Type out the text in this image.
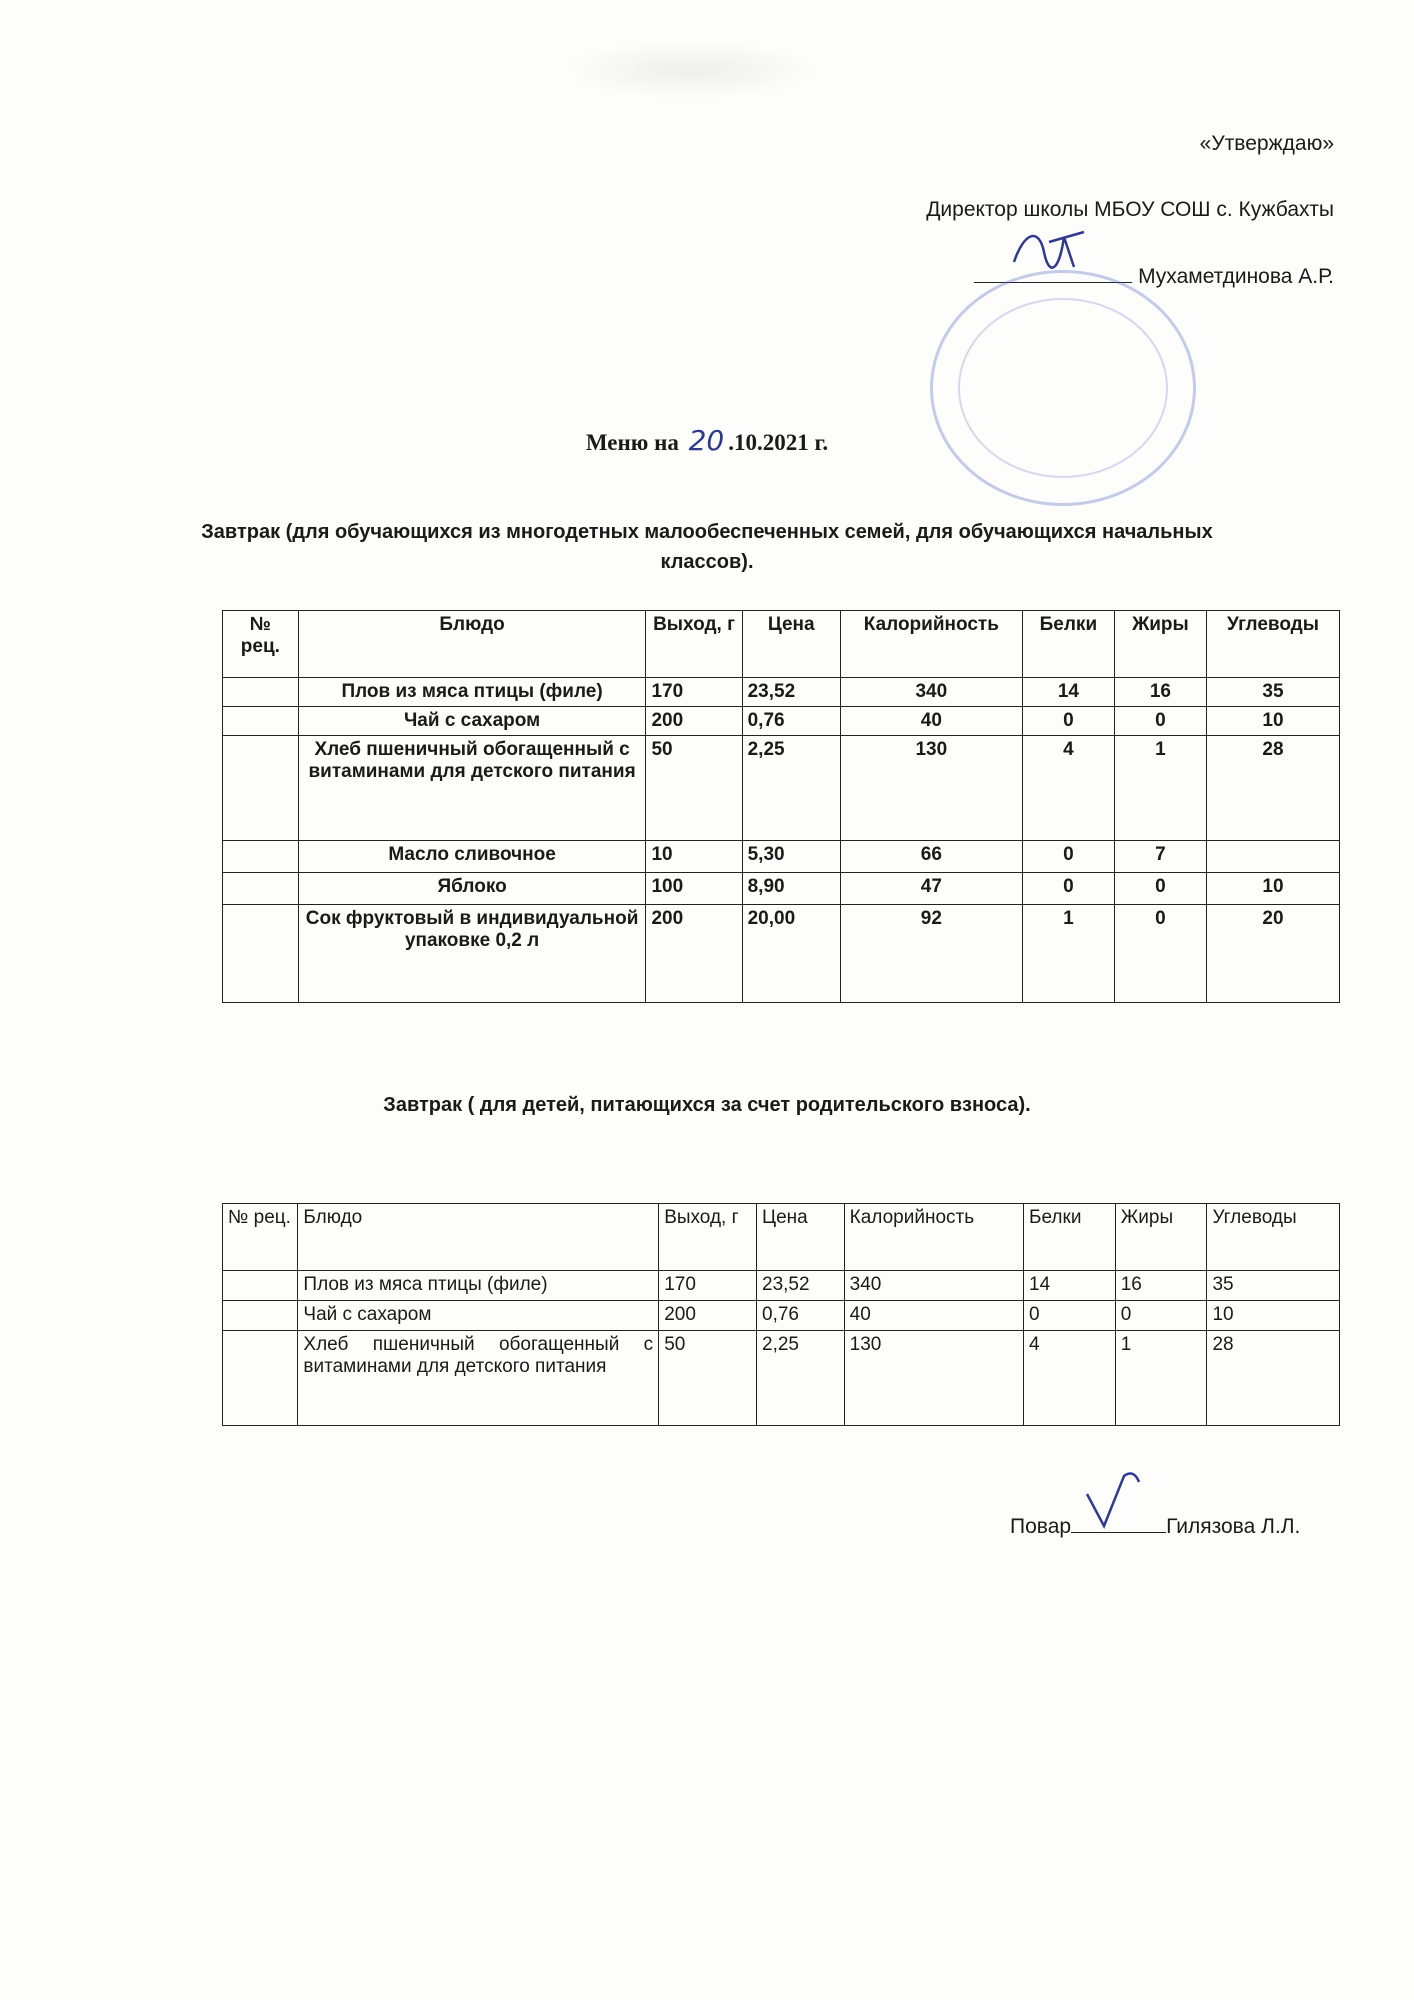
«Утверждаю»
Директор школы МБОУ СОШ с. Кужбахты
Мухаметдинова А.Р.
Меню на 20 .10.2021 г.
Завтрак (для обучающихся из многодетных малообеспеченных семей, для обучающихся начальных классов).
№ рец.	Блюдо	Выход, г	Цена	Калорийность	Белки	Жиры	Углеводы
	Плов из мяса птицы (филе)	170	23,52	340	14	16	35
	Чай с сахаром	200	0,76	40	0	0	10
	Хлеб пшеничный обогащенный с витаминами для детского питания	50	2,25	130	4	1	28
	Масло сливочное	10	5,30	66	0	7	
	Яблоко	100	8,90	47	0	0	10
	Сок фруктовый в индивидуальной упаковке 0,2 л	200	20,00	92	1	0	20
Завтрак ( для детей, питающихся за счет родительского взноса).
№ рец.	Блюдо	Выход, г	Цена	Калорийность	Белки	Жиры	Углеводы
	Плов из мяса птицы (филе)	170	23,52	340	14	16	35
	Чай с сахаром	200	0,76	40	0	0	10
	Хлеб пшеничный обогащенный с витаминами для детского питания	50	2,25	130	4	1	28
Повар	Гилязова Л.Л.
